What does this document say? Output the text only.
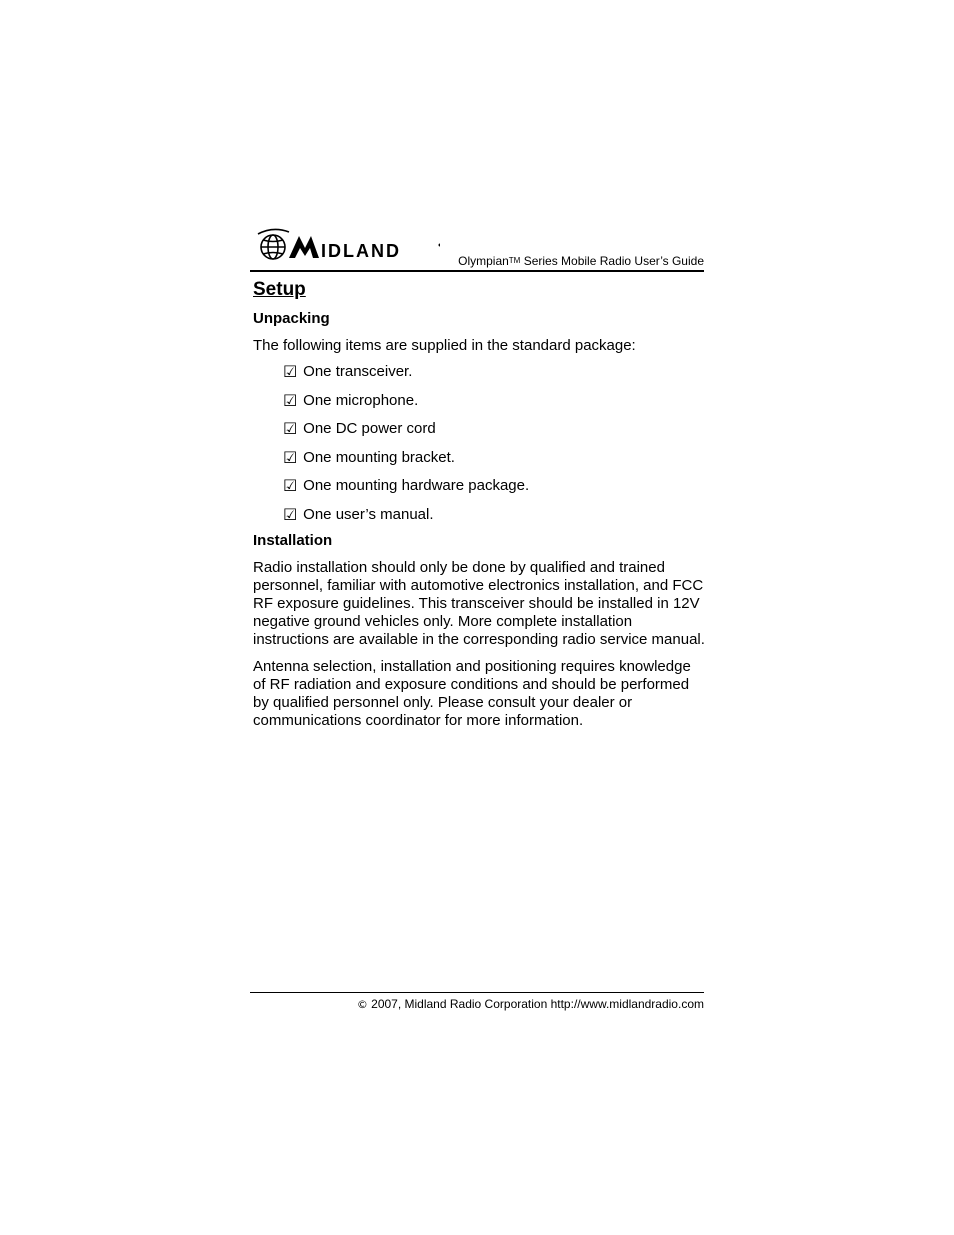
IDLAND	OlympianTM Series Mobile Radio User’s Guide
Setup
Unpacking

The following items are supplied in the standard package:

☑ One transceiver.
☑ One microphone.
☑ One DC power cord
☑ One mounting bracket.
☑ One mounting hardware package.
☑ One user’s manual.
Installation

Radio installation should only be done by qualified and trained personnel, familiar with automotive electronics installation, and FCC RF exposure guidelines. This transceiver should be installed in 12V negative ground vehicles only. More complete installation instructions are available in the corresponding radio service manual.

Antenna selection, installation and positioning requires knowledge of RF radiation and exposure conditions and should be performed by qualified personnel only. Please consult your dealer or communications coordinator for more information.

© 2007, Midland Radio Corporation http://www.midlandradio.com
